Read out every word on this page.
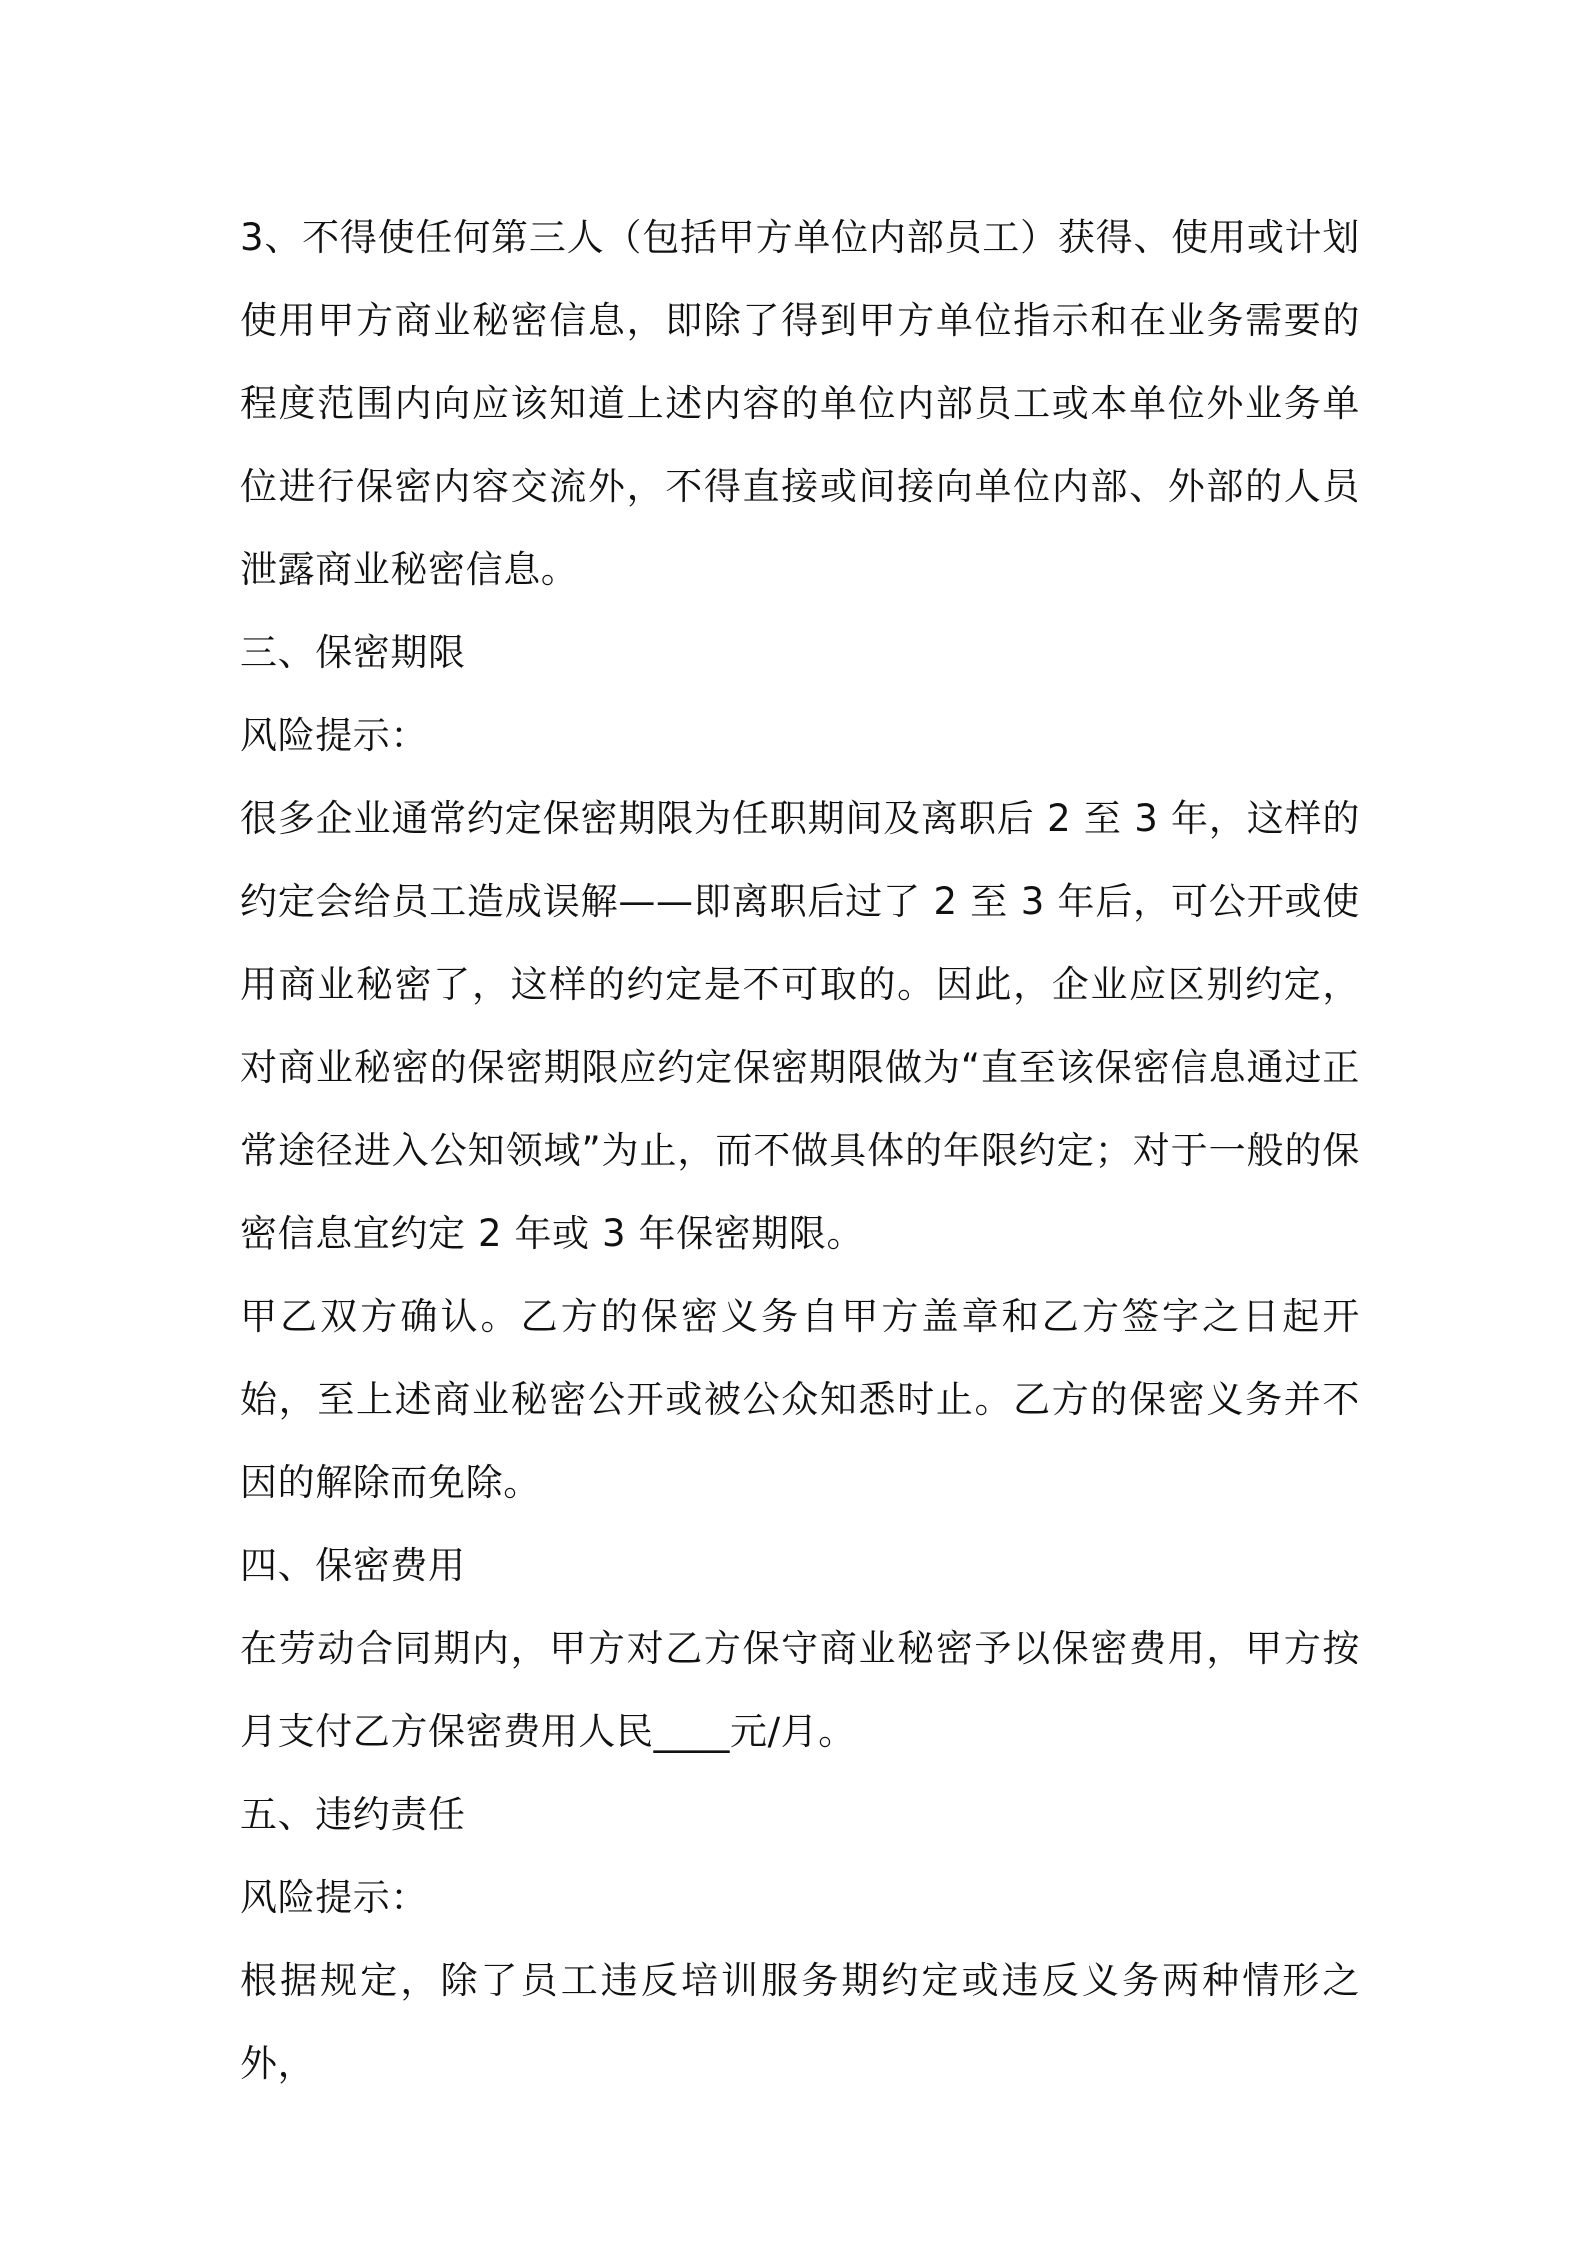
3、不得使任何第三人（包括甲方单位内部员工）获得、使用或计划使用甲方商业秘密信息，即除了得到甲方单位指示和在业务需要的程度范围内向应该知道上述内容的单位内部员工或本单位外业务单位进行保密内容交流外，不得直接或间接向单位内部、外部的人员泄露商业秘密信息。

三、保密期限

风险提示：

很多企业通常约定保密期限为任职期间及离职后 2 至 3 年，这样的约定会给员工造成误解——即离职后过了 2 至 3 年后，可公开或使用商业秘密了，这样的约定是不可取的。因此，企业应区别约定，对商业秘密的保密期限应约定保密期限做为“直至该保密信息通过正常途径进入公知领域”为止，而不做具体的年限约定；对于一般的保密信息宜约定 2 年或 3 年保密期限。

甲乙双方确认。乙方的保密义务自甲方盖章和乙方签字之日起开始，至上述商业秘密公开或被公众知悉时止。乙方的保密义务并不因的解除而免除。

四、保密费用

在劳动合同期内，甲方对乙方保守商业秘密予以保密费用，甲方按月支付乙方保密费用人民____元/月。

五、违约责任

风险提示：

根据规定，除了员工违反培训服务期约定或违反义务两种情形之外，
